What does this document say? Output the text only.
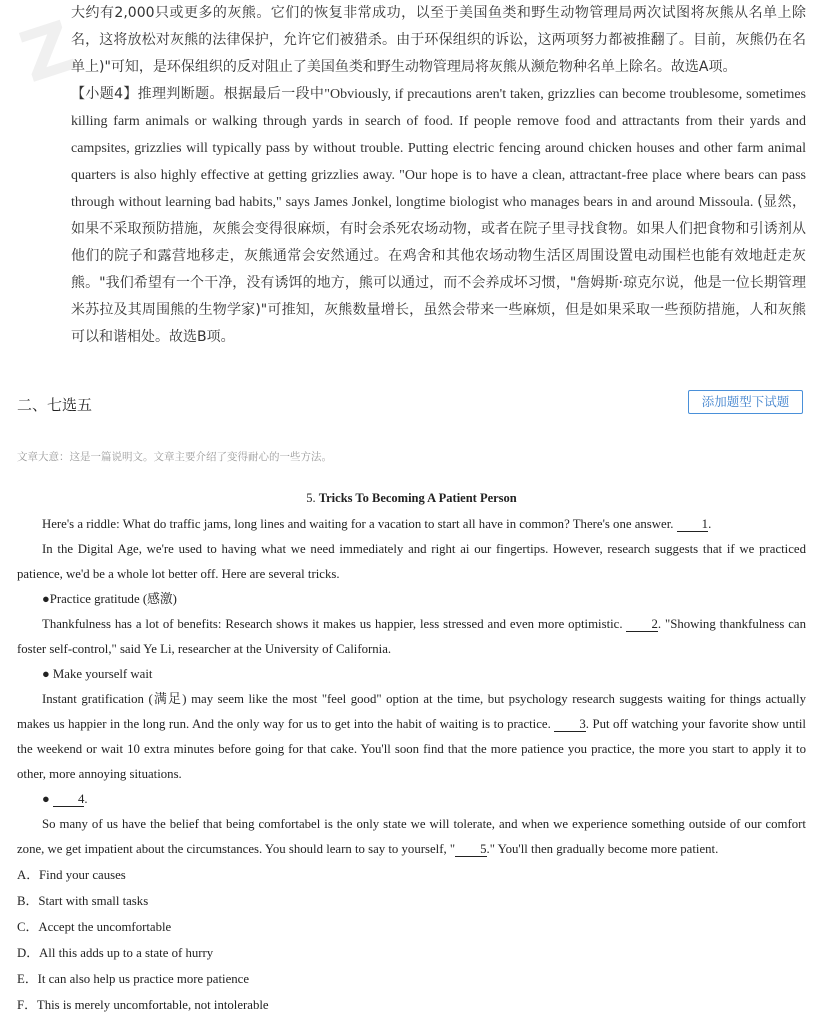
Z

大约有2,000只或更多的灰熊。它们的恢复非常成功，以至于美国鱼类和野生动物管理局两次试图将灰熊从名单上除名，这将放松对灰熊的法律保护，允许它们被猎杀。由于环保组织的诉讼，这两项努力都被推翻了。目前，灰熊仍在名单上)"可知，是环保组织的反对阻止了美国鱼类和野生动物管理局将灰熊从濒危物种名单上除名。故选A项。

【小题4】推理判断题。根据最后一段中"Obviously, if precautions aren't taken, grizzlies can become troublesome, sometimes killing farm animals or walking through yards in search of food. If people remove food and attractants from their yards and campsites, grizzlies will typically pass by without trouble. Putting electric fencing around chicken houses and other farm animal quarters is also highly effective at getting grizzlies away. "Our hope is to have a clean, attractant-free place where bears can pass through without learning bad habits," says James Jonkel, longtime biologist who manages bears in and around Missoula. (显然，如果不采取预防措施，灰熊会变得很麻烦，有时会杀死农场动物，或者在院子里寻找食物。如果人们把食物和引诱剂从他们的院子和露营地移走，灰熊通常会安然通过。在鸡舍和其他农场动物生活区周围设置电动围栏也能有效地赶走灰熊。"我们希望有一个干净，没有诱饵的地方，熊可以通过，而不会养成坏习惯，"詹姆斯·琼克尔说，他是一位长期管理米苏拉及其周围熊的生物学家)"可推知，灰熊数量增长，虽然会带来一些麻烦，但是如果采取一些预防措施，人和灰熊可以和谐相处。故选B项。

二、七选五	添加题型下试题
文章大意：这是一篇说明文。文章主要介绍了变得耐心的一些方法。
5. Tricks To Becoming A Patient Person

Here's a riddle: What do traffic jams, long lines and waiting for a vacation to start all have in common? There's one answer. 1.

In the Digital Age, we're used to having what we need immediately and right ai our fingertips. However, research suggests that if we practiced patience, we'd be a whole lot better off. Here are several tricks.

●Practice gratitude (感激)

Thankfulness has a lot of benefits: Research shows it makes us happier, less stressed and even more optimistic. 2. "Showing thankfulness can foster self-control," said Ye Li, researcher at the University of California.

● Make yourself wait

Instant gratification (满足) may seem like the most "feel good" option at the time, but psychology research suggests waiting for things actually makes us happier in the long run. And the only way for us to get into the habit of waiting is to practice. 3. Put off watching your favorite show until the weekend or wait 10 extra minutes before going for that cake. You'll soon find that the more patience you practice, the more you start to apply it to other, more annoying situations.

● 4.

So many of us have the belief that being comfortabel is the only state we will tolerate, and when we experience something outside of our comfort zone, we get impatient about the circumstances. You should learn to say to yourself, " 5." You'll then gradually become more patient.

A．Find your causes
B．Start with small tasks
C．Accept the uncomfortable
D．All this adds up to a state of hurry
E．It can also help us practice more patience
F．This is merely uncomfortable, not intolerable
